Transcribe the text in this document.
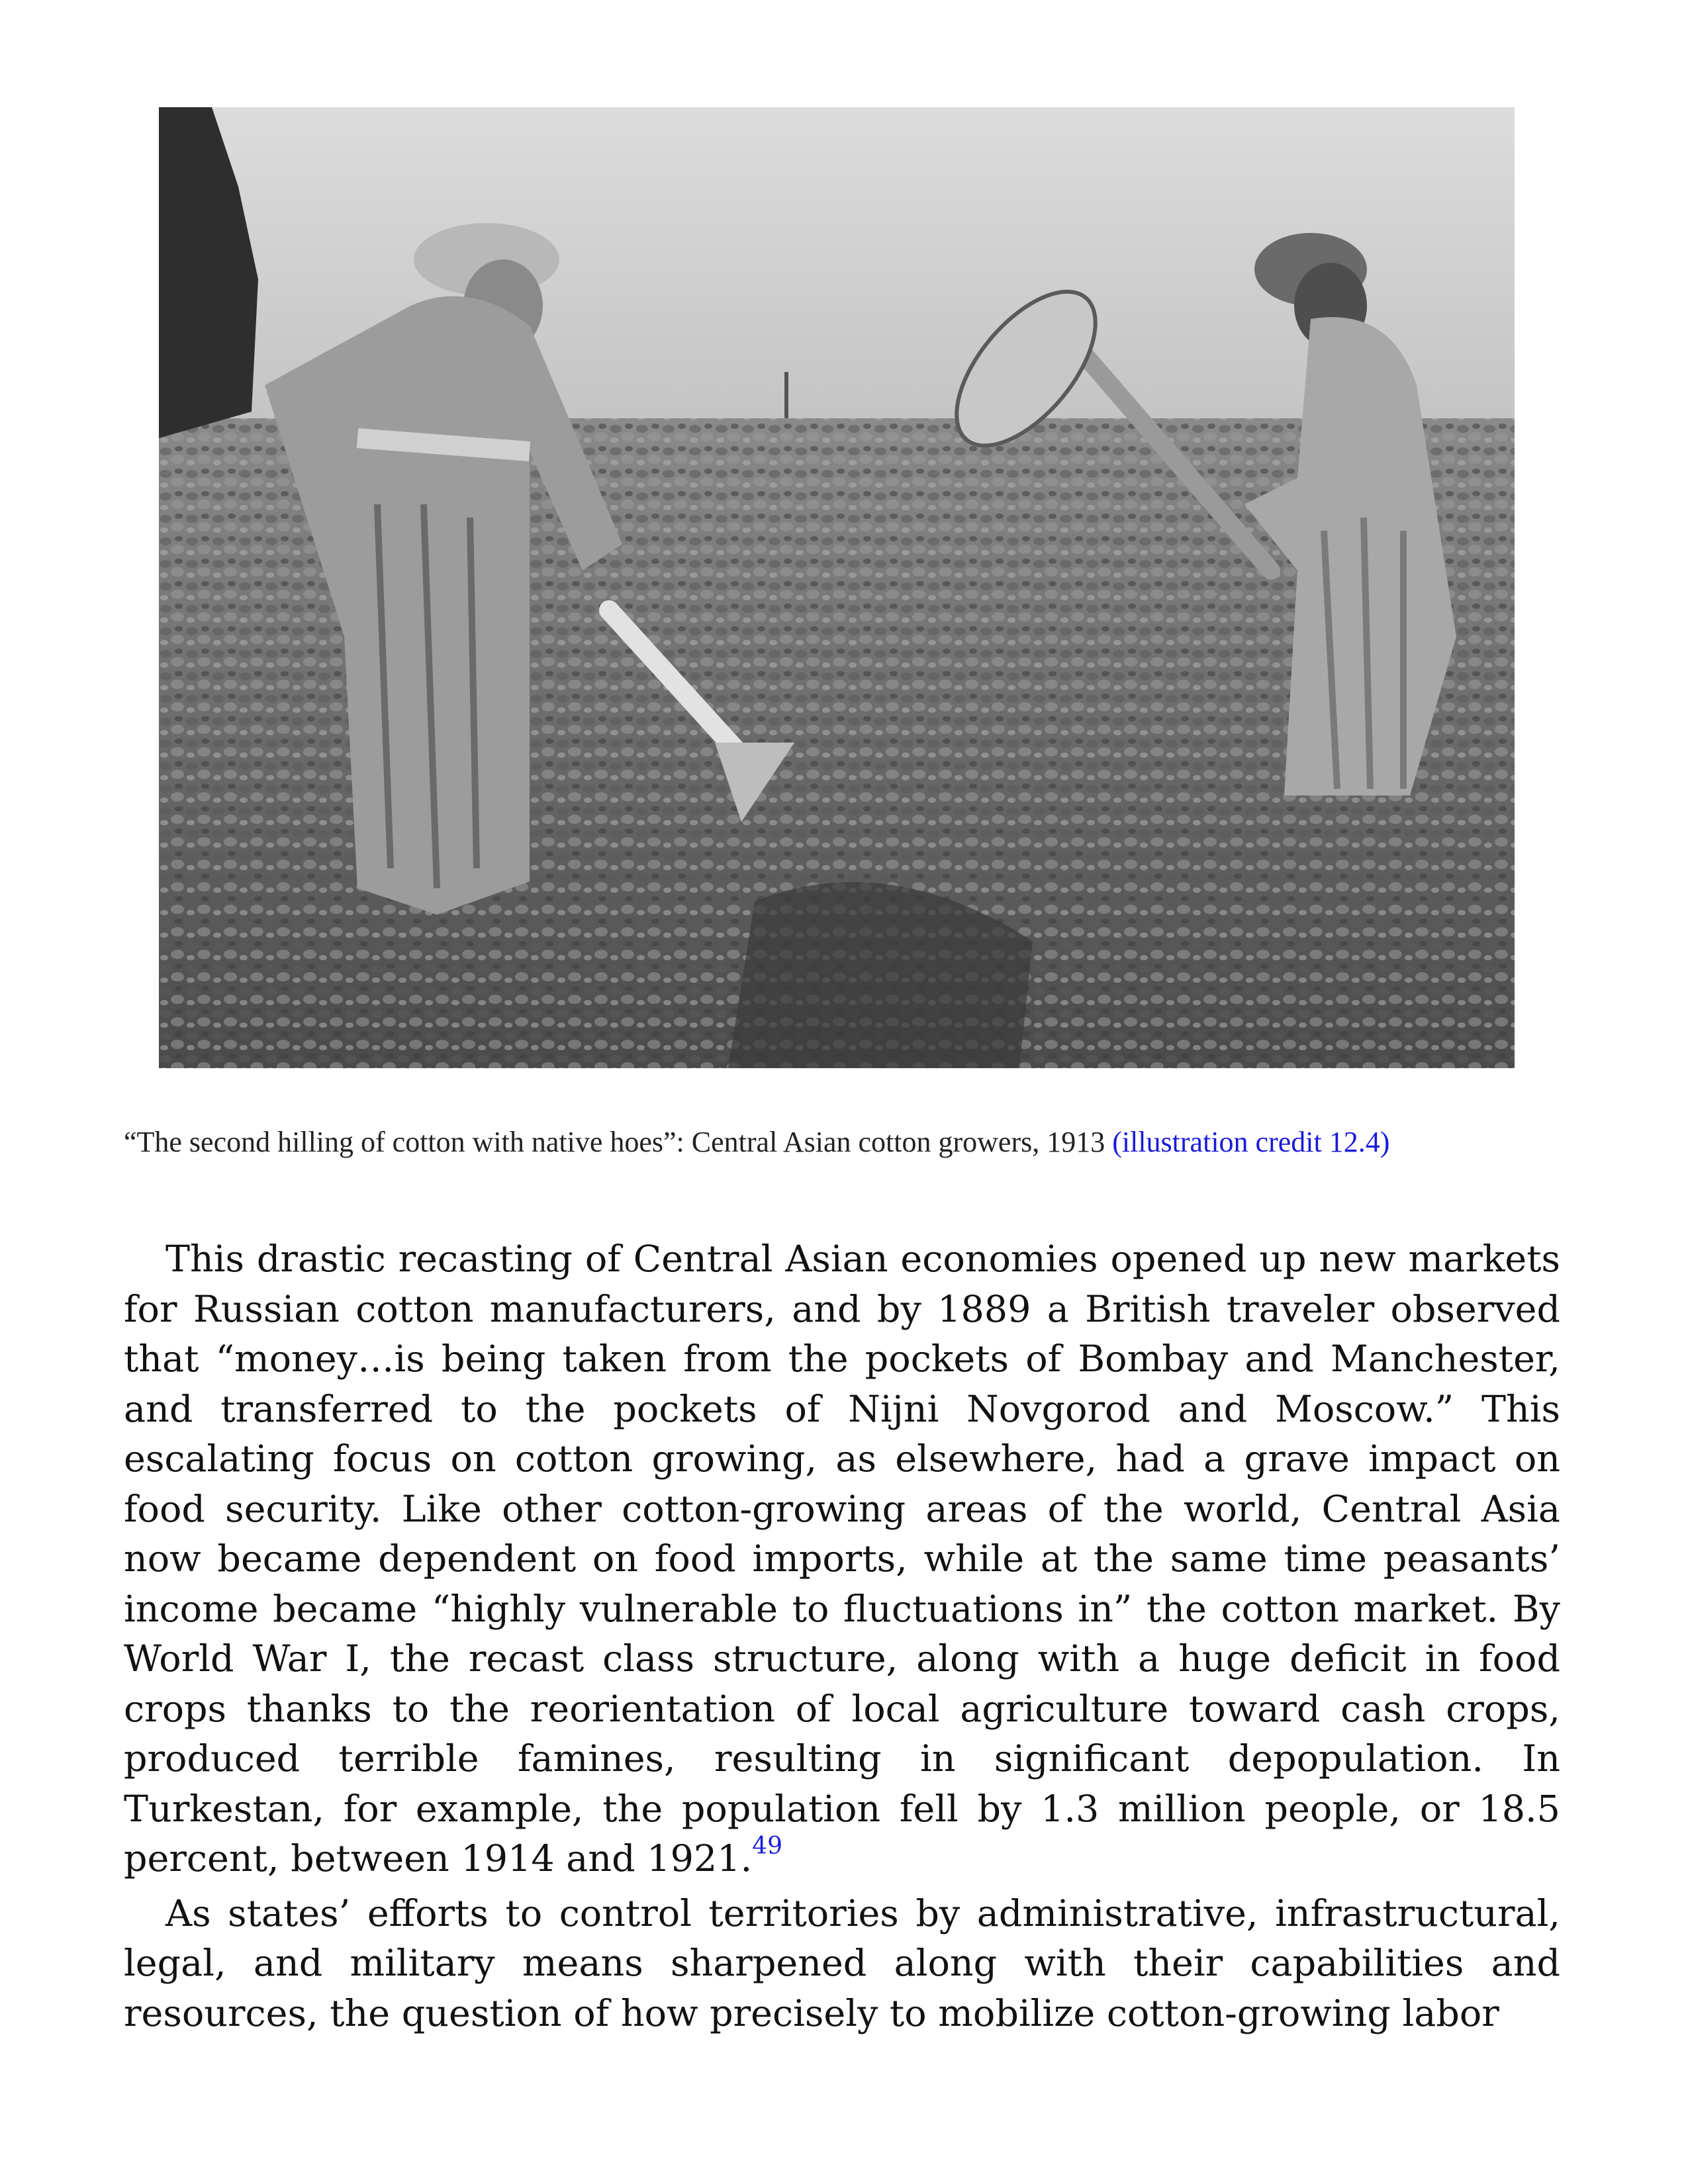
“The second hilling of cotton with native hoes”: Central Asian cotton growers, 1913 (illustration credit 12.4)

This drastic recasting of Central Asian economies opened up new markets for Russian cotton manufacturers, and by 1889 a British traveler observed that “money…is being taken from the pockets of Bombay and Manchester, and transferred to the pockets of Nijni Novgorod and Moscow.” This escalating focus on cotton growing, as elsewhere, had a grave impact on food security. Like other cotton-growing areas of the world, Central Asia now became dependent on food imports, while at the same time peasants’ income became “highly vulnerable to fluctuations in” the cotton market. By World War I, the recast class structure, along with a huge deficit in food crops thanks to the reorientation of local agriculture toward cash crops, produced terrible famines, resulting in significant depopulation. In Turkestan, for example, the population fell by 1.3 million people, or 18.5 percent, between 1914 and 1921.49

As states’ efforts to control territories by administrative, infrastructural, legal, and military means sharpened along with their capabilities and resources, the question of how precisely to mobilize cotton-growing labor
